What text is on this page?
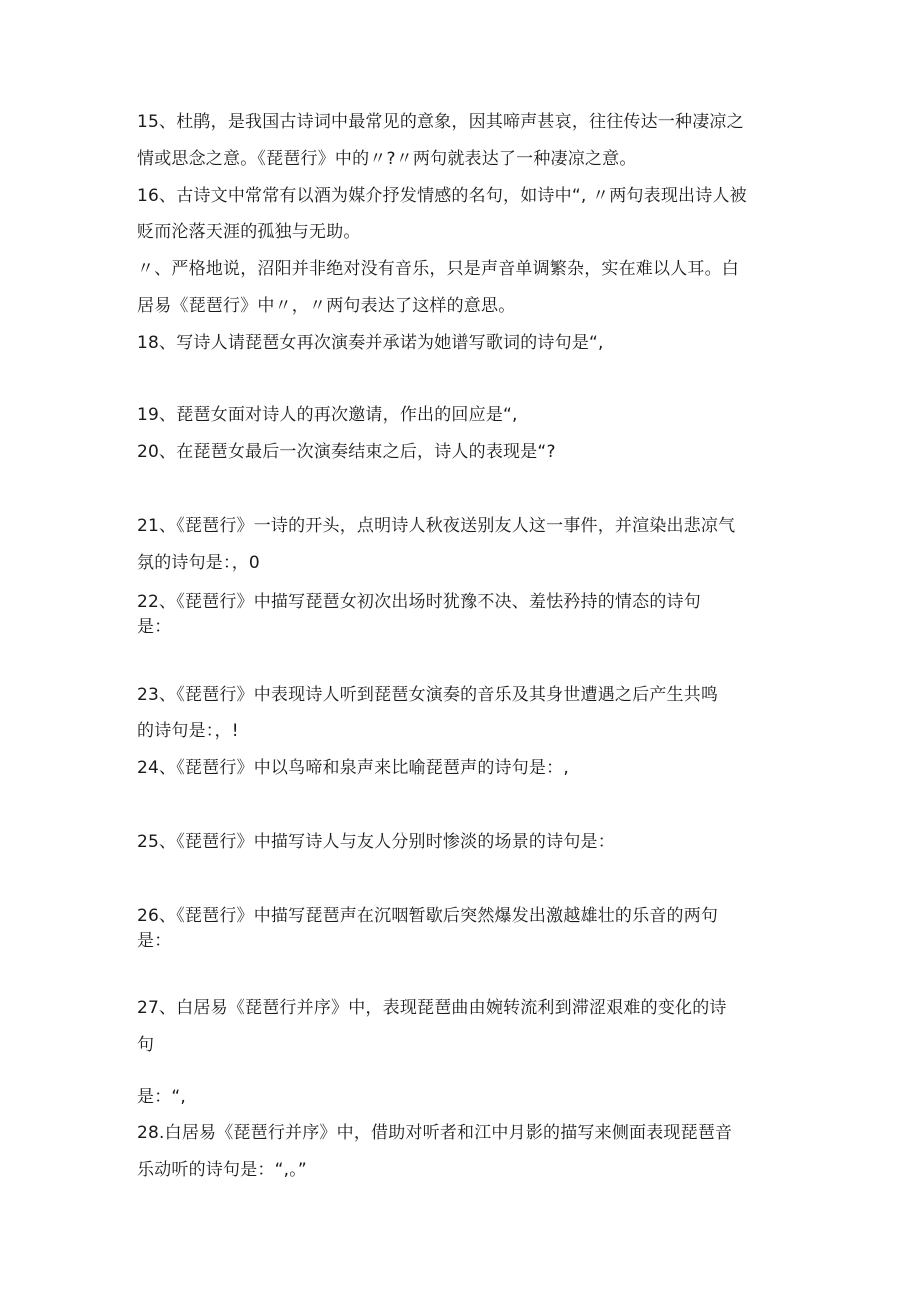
15、杜鹃，是我国古诗词中最常见的意象，因其啼声甚哀，往往传达一种凄凉之
情或思念之意。《琵琶行》中的〃?〃两句就表达了一种凄凉之意。
16、古诗文中常常有以酒为媒介抒发情感的名句，如诗中“, 〃两句表现出诗人被
贬而沦落天涯的孤独与无助。
〃、严格地说，沼阳并非绝对没有音乐，只是声音单调繁杂，实在难以人耳。白
居易《琵琶行》中〃，〃两句表达了这样的意思。
18、写诗人请琵琶女再次演奏并承诺为她谱写歌词的诗句是“,
19、琵琶女面对诗人的再次邀请，作出的回应是“,
20、在琵琶女最后一次演奏结束之后，诗人的表现是“?
21、《琵琶行》一诗的开头，点明诗人秋夜送别友人这一事件，并渲染出悲凉气
氛的诗句是：，0
22、《琵琶行》中描写琵琶女初次出场时犹豫不决、羞怯矜持的情态的诗句
是：
23、《琵琶行》中表现诗人听到琵琶女演奏的音乐及其身世遭遇之后产生共鸣
的诗句是：，!
24、《琵琶行》中以鸟啼和泉声来比喻琵琶声的诗句是：,
25、《琵琶行》中描写诗人与友人分别时惨淡的场景的诗句是：
26、《琵琶行》中描写琵琶声在沉咽暂歇后突然爆发出激越雄壮的乐音的两句
是：
27、白居易《琵琶行并序》中，表现琵琶曲由婉转流利到滞涩艰难的变化的诗
句
是：“,
28.白居易《琵琶行并序》中，借助对听者和江中月影的描写来侧面表现琵琶音
乐动听的诗句是：“,。”
